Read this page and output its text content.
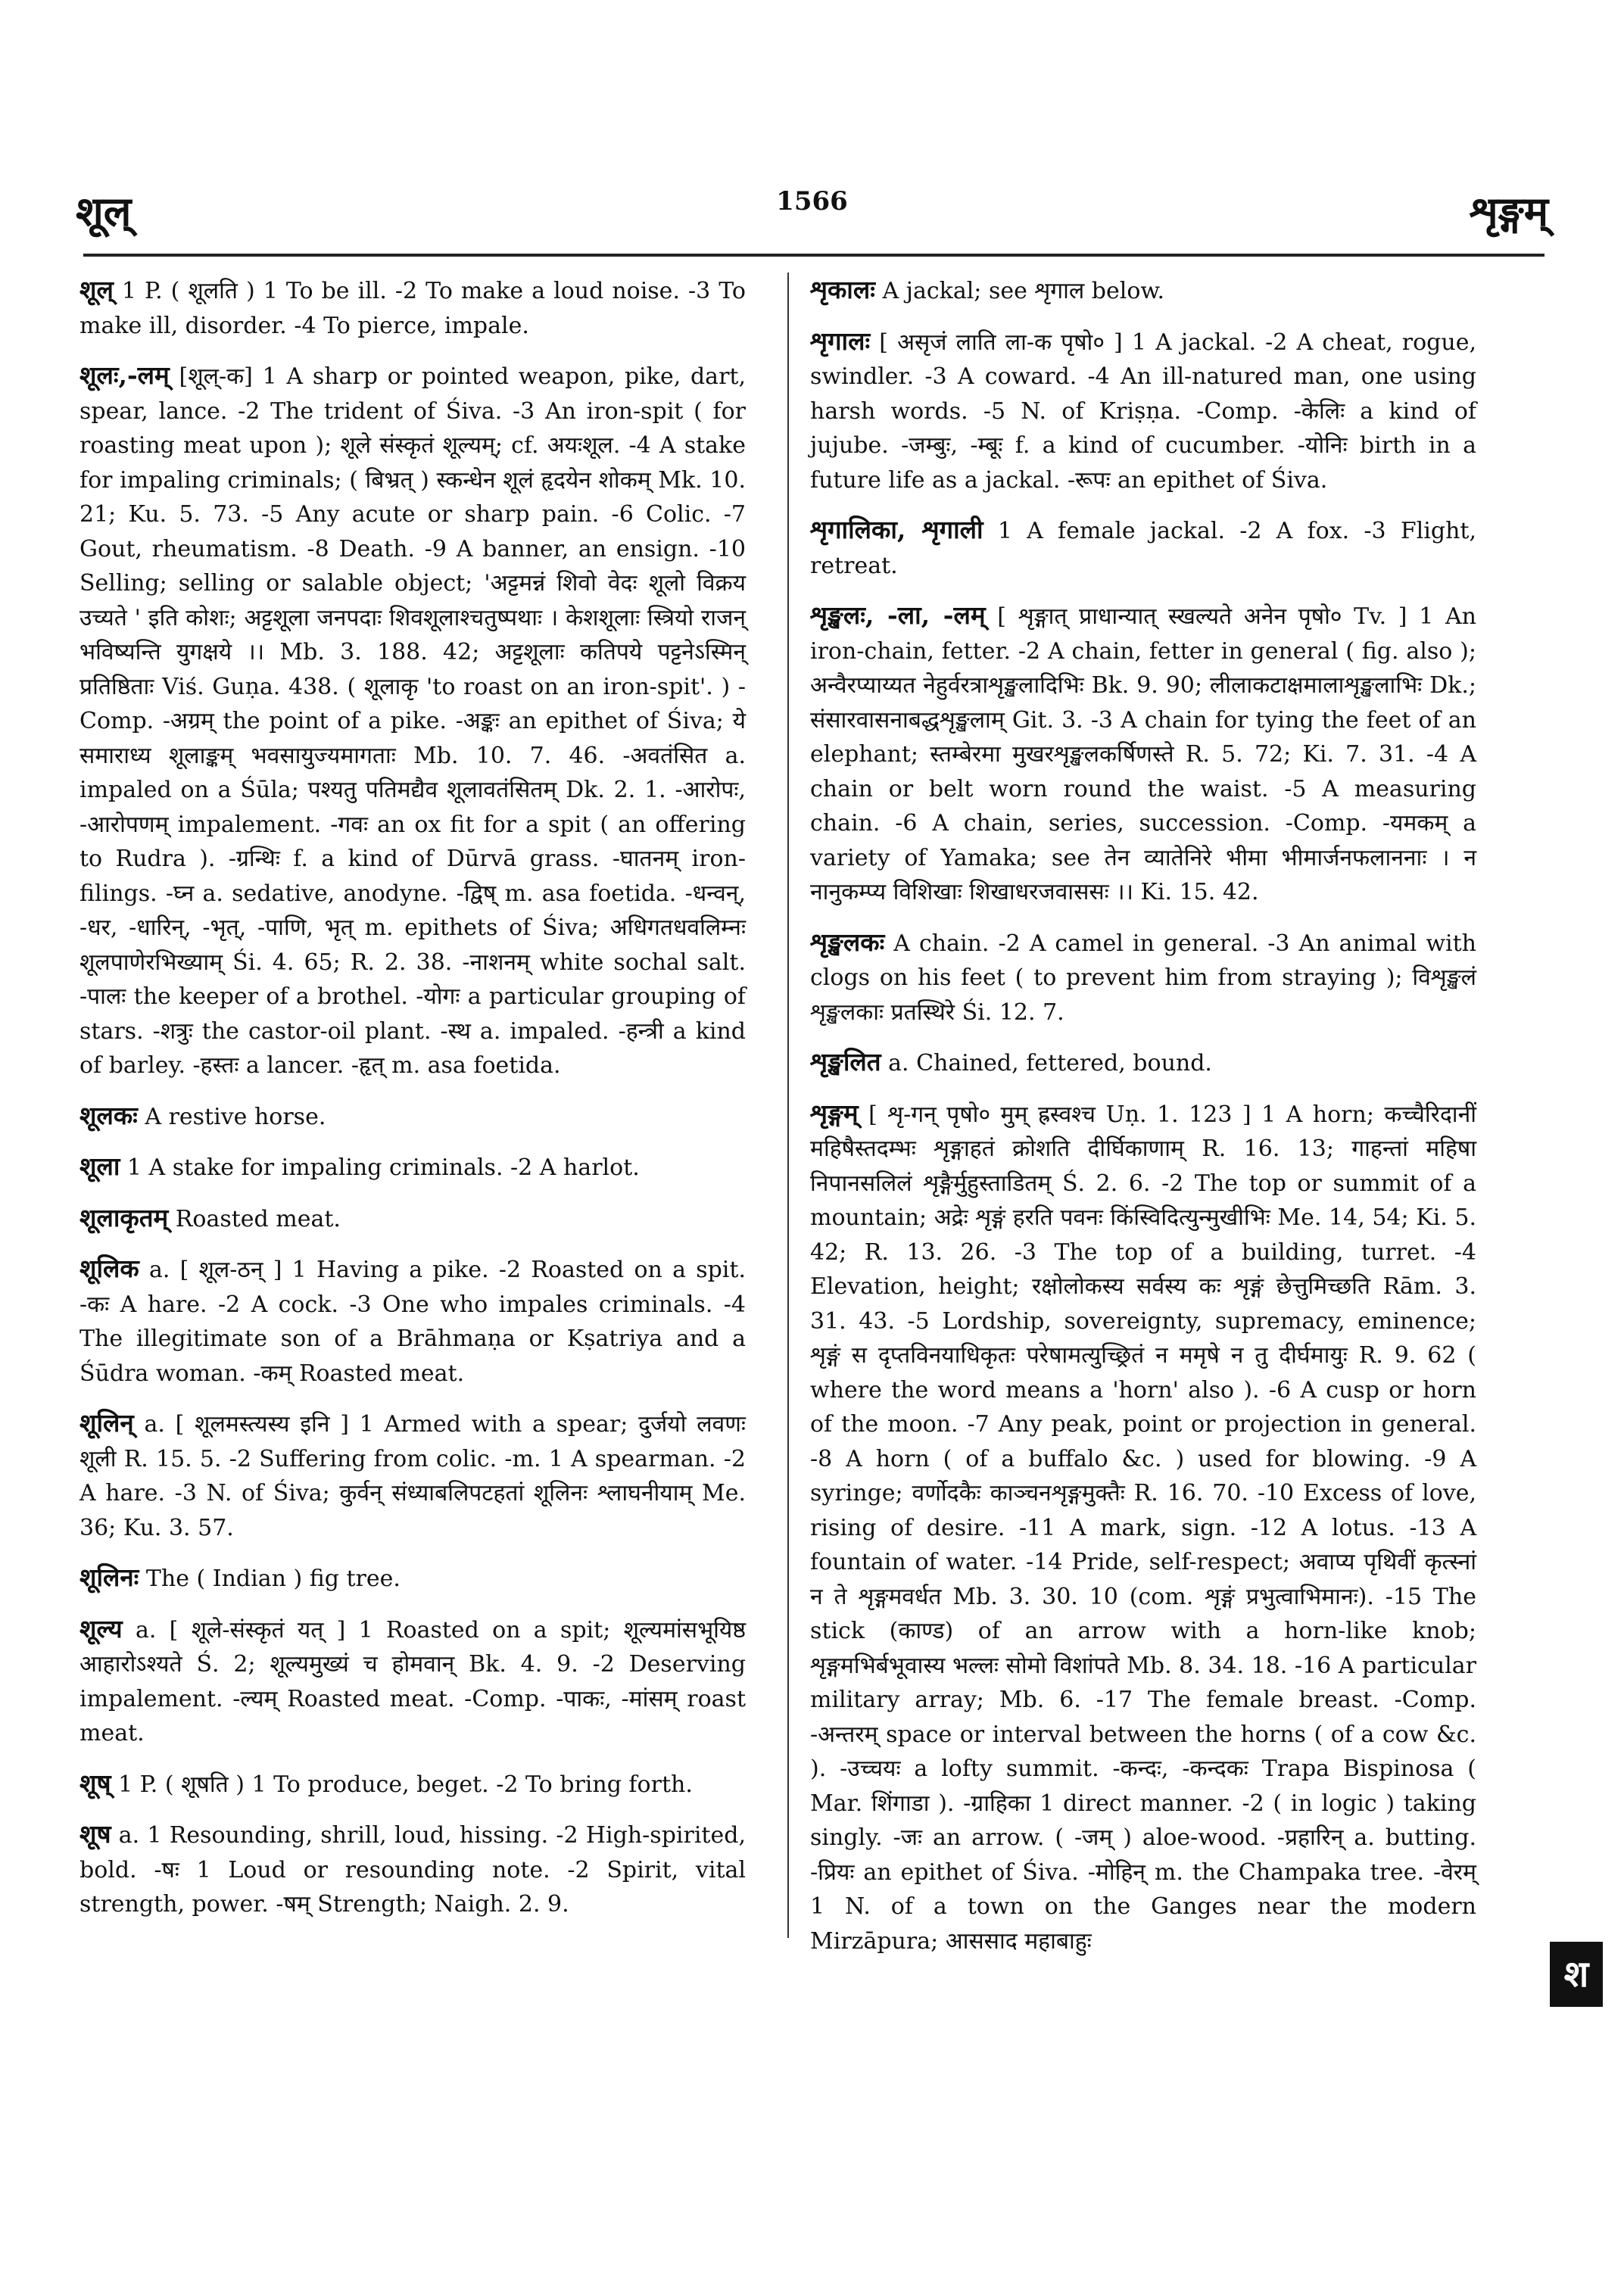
शूल्	1566	शृङ्गम्

शूल् 1 P. ( शूलति ) 1 To be ill. -2 To make a loud noise. -3 To make ill, disorder. -4 To pierce, impale.

शूलः,-लम् [शूल्-क] 1 A sharp or pointed weapon, pike, dart, spear, lance. -2 The trident of Śiva. -3 An iron-spit ( for roasting meat upon ); शूले संस्कृतं शूल्यम्; cf. अयःशूल. -4 A stake for impaling criminals; ( बिभ्रत् ) स्कन्धेन शूलं हृदयेन शोकम् Mk. 10. 21; Ku. 5. 73. -5 Any acute or sharp pain. -6 Colic. -7 Gout, rheumatism. -8 Death. -9 A banner, an ensign. -10 Selling; selling or salable object; 'अट्टमन्नं शिवो वेदः शूलो विक्रय उच्यते ' इति कोशः; अट्टशूला जनपदाः शिवशूलाश्चतुष्पथाः । केशशूलाः स्त्रियो राजन् भविष्यन्ति युगक्षये ।। Mb. 3. 188. 42; अट्टशूलाः कतिपये पट्टनेऽस्मिन् प्रतिष्ठिताः Viś. Guṇa. 438. ( शूलाकृ 'to roast on an iron-spit'. ) -Comp. -अग्रम् the point of a pike. -अङ्कः an epithet of Śiva; ये समाराध्य शूलाङ्कम् भवसायुज्यमागताः Mb. 10. 7. 46. -अवतंसित a. impaled on a Śūla; पश्यतु पतिमद्यैव शूलावतंसितम् Dk. 2. 1. -आरोपः, -आरोपणम् impalement. -गवः an ox fit for a spit ( an offering to Rudra ). -ग्रन्थिः f. a kind of Dūrvā grass. -घातनम् iron-filings. -घ्न a. sedative, anodyne. -द्विष् m. asa foetida. -धन्वन्, -धर, -धारिन्, -भृत्, -पाणि, भृत् m. epithets of Śiva; अधिगतधवलिम्नः शूलपाणेरभिख्याम् Śi. 4. 65; R. 2. 38. -नाशनम् white sochal salt. -पालः the keeper of a brothel. -योगः a particular grouping of stars. -शत्रुः the castor-oil plant. -स्थ a. impaled. -हन्त्री a kind of barley. -हस्तः a lancer. -हृत् m. asa foetida.

शूलकः A restive horse.

शूला 1 A stake for impaling criminals. -2 A harlot.

शूलाकृतम् Roasted meat.

शूलिक a. [ शूल-ठन् ] 1 Having a pike. -2 Roasted on a spit. -कः A hare. -2 A cock. -3 One who impales criminals. -4 The illegitimate son of a Brāhmaṇa or Kṣatriya and a Śūdra woman. -कम् Roasted meat.

शूलिन् a. [ शूलमस्त्यस्य इनि ] 1 Armed with a spear; दुर्जयो लवणः शूली R. 15. 5. -2 Suffering from colic. -m. 1 A spearman. -2 A hare. -3 N. of Śiva; कुर्वन् संध्याबलिपटहतां शूलिनः श्लाघनीयाम् Me. 36; Ku. 3. 57.

शूलिनः The ( Indian ) fig tree.

शूल्य a. [ शूले-संस्कृतं यत् ] 1 Roasted on a spit; शूल्यमांसभूयिष्ठ आहारोऽश्यते Ś. 2; शूल्यमुख्यं च होमवान् Bk. 4. 9. -2 Deserving impalement. -ल्यम् Roasted meat. -Comp. -पाकः, -मांसम् roast meat.

शूष् 1 P. ( शूषति ) 1 To produce, beget. -2 To bring forth.

शूष a. 1 Resounding, shrill, loud, hissing. -2 High-spirited, bold. -षः 1 Loud or resounding note. -2 Spirit, vital strength, power. -षम् Strength; Naigh. 2. 9.

शृकालः A jackal; see शृगाल below.

शृगालः [ असृजं लाति ला-क पृषो० ] 1 A jackal. -2 A cheat, rogue, swindler. -3 A coward. -4 An ill-natured man, one using harsh words. -5 N. of Kriṣṇa. -Comp. -केलिः a kind of jujube. -जम्बुः, -म्बूः f. a kind of cucumber. -योनिः birth in a future life as a jackal. -रूपः an epithet of Śiva.

शृगालिका, शृगाली 1 A female jackal. -2 A fox. -3 Flight, retreat.

शृङ्खलः, -ला, -लम् [ शृङ्गात् प्राधान्यात् स्खल्यते अनेन पृषो० Tv. ] 1 An iron-chain, fetter. -2 A chain, fetter in general ( fig. also ); अन्वैरप्याय्यत नेहुर्वरत्राशृङ्खलादिभिः Bk. 9. 90; लीलाकटाक्षमालाशृङ्खलाभिः Dk.; संसारवासनाबद्धशृङ्खलाम् Git. 3. -3 A chain for tying the feet of an elephant; स्तम्बेरमा मुखरशृङ्खलकर्षिणस्ते R. 5. 72; Ki. 7. 31. -4 A chain or belt worn round the waist. -5 A measuring chain. -6 A chain, series, succession. -Comp. -यमकम् a variety of Yamaka; see तेन व्यातेनिरे भीमा भीमार्जनफलाननाः । न नानुकम्प्य विशिखाः शिखाधरजवाससः ।। Ki. 15. 42.

शृङ्खलकः A chain. -2 A camel in general. -3 An animal with clogs on his feet ( to prevent him from straying ); विशृङ्खलं शृङ्खलकाः प्रतस्थिरे Śi. 12. 7.

शृङ्खलित a. Chained, fettered, bound.

शृङ्गम् [ शृ-गन् पृषो० मुम् ह्रस्वश्च Uṇ. 1. 123 ] 1 A horn; कच्चैरिदानीं महिषैस्तदम्भः शृङ्गाहतं क्रोशति दीर्घिकाणाम् R. 16. 13; गाहन्तां महिषा निपानसलिलं शृङ्गैर्मुहुस्ताडितम् Ś. 2. 6. -2 The top or summit of a mountain; अद्रेः शृङ्गं हरति पवनः किंस्विदित्युन्मुखीभिः Me. 14, 54; Ki. 5. 42; R. 13. 26. -3 The top of a building, turret. -4 Elevation, height; रक्षोलोकस्य सर्वस्य कः शृङ्गं छेत्तुमिच्छति Rām. 3. 31. 43. -5 Lordship, sovereignty, supremacy, eminence; शृङ्गं स दृप्तविनयाधिकृतः परेषामत्युच्छ्रितं न ममृषे न तु दीर्घमायुः R. 9. 62 ( where the word means a 'horn' also ). -6 A cusp or horn of the moon. -7 Any peak, point or projection in general. -8 A horn ( of a buffalo &c. ) used for blowing. -9 A syringe; वर्णोदकैः काञ्चनशृङ्गमुक्तैः R. 16. 70. -10 Excess of love, rising of desire. -11 A mark, sign. -12 A lotus. -13 A fountain of water. -14 Pride, self-respect; अवाप्य पृथिवीं कृत्स्नां न ते शृङ्गमवर्धत Mb. 3. 30. 10 (com. शृङ्गं प्रभुत्वाभिमानः). -15 The stick (काण्ड) of an arrow with a horn-like knob; शृङ्गमभिर्बभूवास्य भल्लः सोमो विशांपते Mb. 8. 34. 18. -16 A particular military array; Mb. 6. -17 The female breast. -Comp. -अन्तरम् space or interval between the horns ( of a cow &c. ). -उच्चयः a lofty summit. -कन्दः, -कन्दकः Trapa Bispinosa ( Mar. शिंगाडा ). -ग्राहिका 1 direct manner. -2 ( in logic ) taking singly. -जः an arrow. ( -जम् ) aloe-wood. -प्रहारिन् a. butting. -प्रियः an epithet of Śiva. -मोहिन् m. the Champaka tree. -वेरम् 1 N. of a town on the Ganges near the modern Mirzāpura; आससाद महाबाहुः

श
